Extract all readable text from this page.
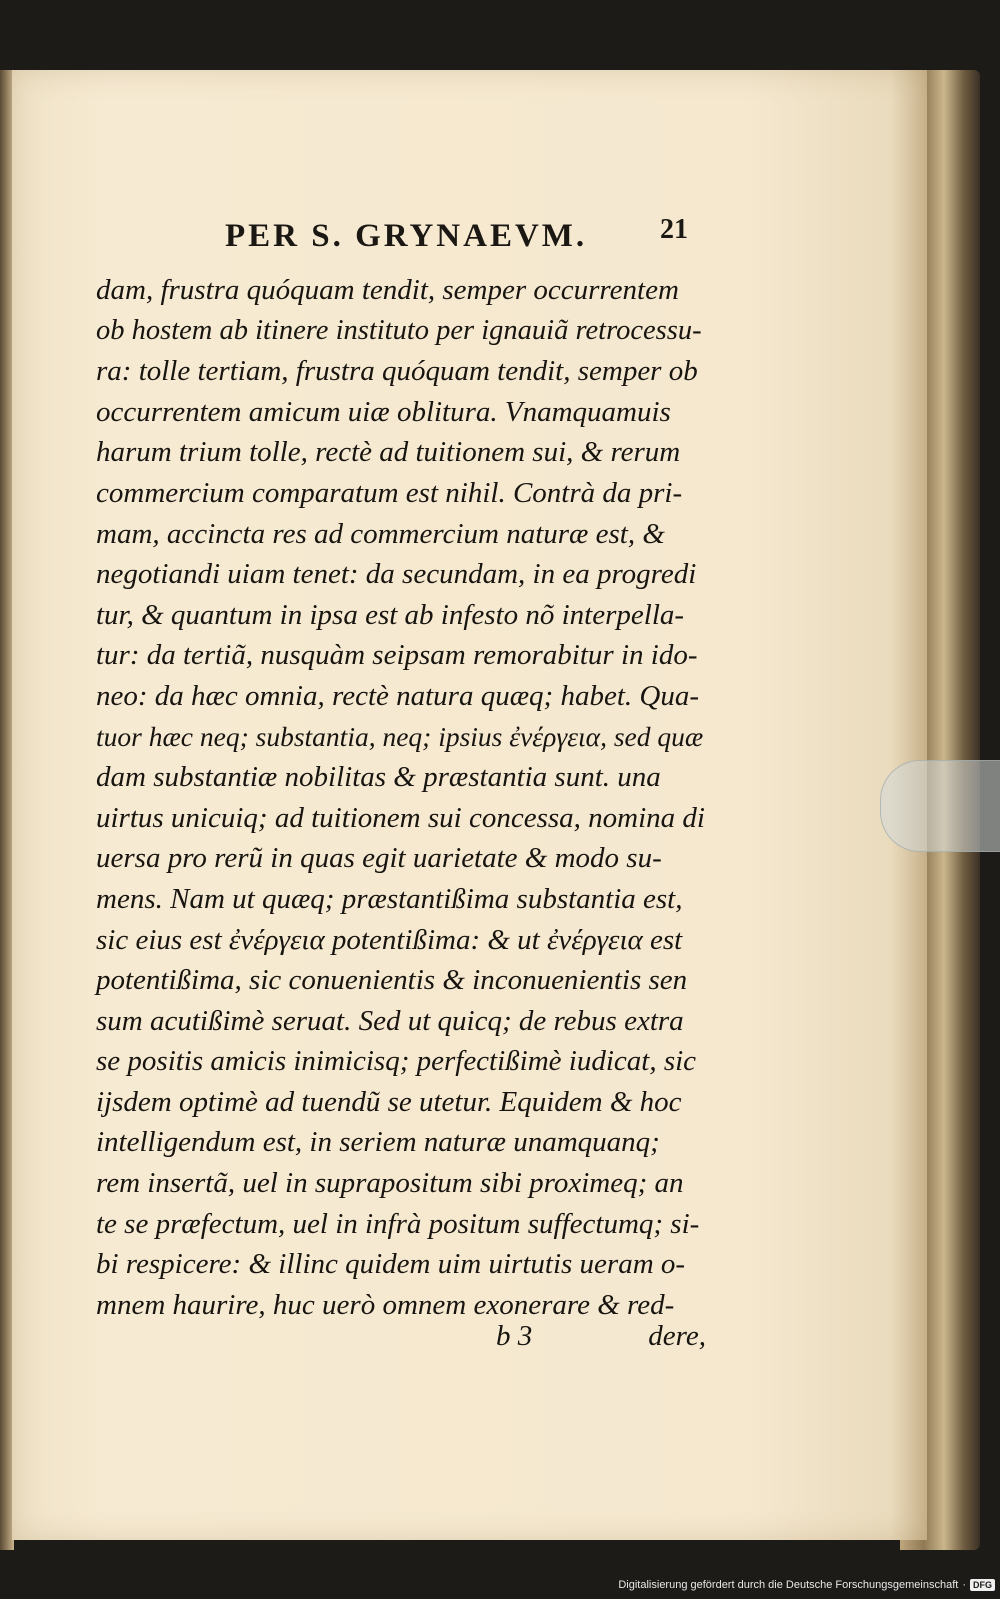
PER S. GRYNAEVM.	21
dam, frustra quóquam tendit, semper occurrentem
ob hostem ab itinere instituto per ignauiã retrocessu-
ra: tolle tertiam, frustra quóquam tendit, semper ob
occurrentem amicum uiæ oblitura. Vnamquamuis
harum trium tolle, rectè ad tuitionem sui, & rerum
commercium comparatum est nihil. Contrà da pri-
mam, accincta res ad commercium naturæ est, &
negotiandi uiam tenet: da secundam, in ea progredi
tur, & quantum in ipsa est ab infesto nõ interpella-
tur: da tertiã, nusquàm seipsam remorabitur in ido-
neo: da hæc omnia, rectè natura quæq; habet. Qua-
tuor hæc neq; substantia, neq; ipsius ἐνέργεια, sed quæ
dam substantiæ nobilitas & præstantia sunt. una
uirtus unicuiq; ad tuitionem sui concessa, nomina di
uersa pro rerũ in quas egit uarietate & modo su-
mens. Nam ut quæq; præstantißima substantia est,
sic eius est ἐνέργεια potentißima: & ut ἐνέργεια est
potentißima, sic conuenientis & inconuenientis sen
sum acutißimè seruat. Sed ut quicq; de rebus extra
se positis amicis inimicisq; perfectißimè iudicat, sic
ijsdem optimè ad tuendũ se utetur. Equidem & hoc
intelligendum est, in seriem naturæ unamquanq;
rem insertã, uel in suprapositum sibi proximeq; an
te se præfectum, uel in infrà positum suffectumq; si-
bi respicere: & illinc quidem uim uirtutis ueram o-
mnem haurire, huc uerò omnem exonerare & red-
b 3	dere,
Digitalisierung gefördert durch die Deutsche Forschungsgemeinschaft · DFG
